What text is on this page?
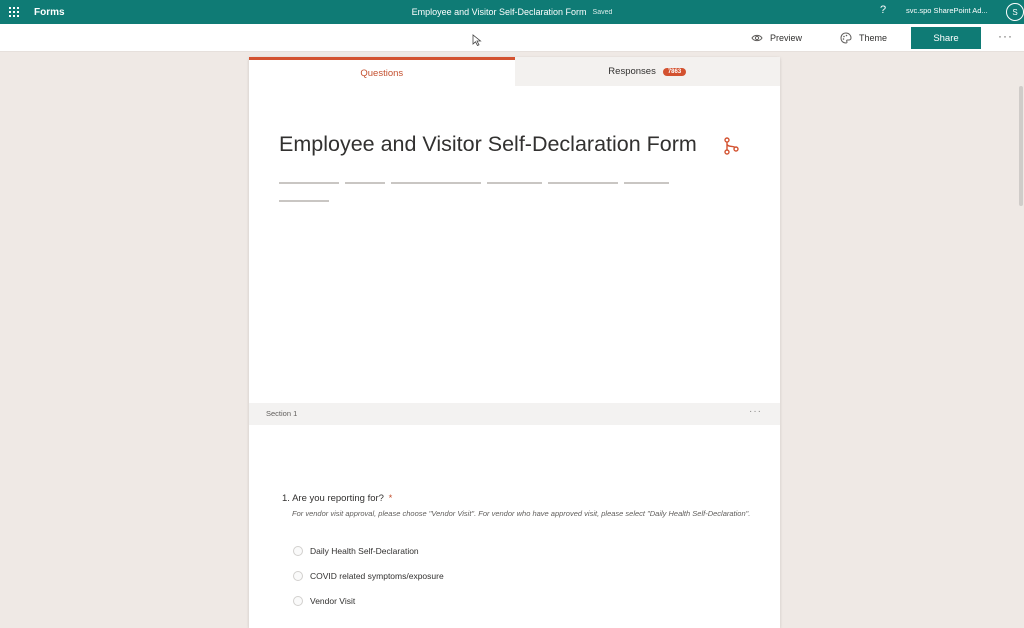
Forms	Employee and Visitor Self-Declaration Form Saved	?	svc.spo SharePoint Ad...	S
Preview	Theme	Share	···
Questions	Responses	7863
Employee and Visitor Self-Declaration Form
Section 1	···
1. Are you reporting for? *
For vendor visit approval, please choose "Vendor Visit". For vendor who have approved visit, please select "Daily Health Self-Declaration".
Daily Health Self-Declaration
COVID related symptoms/exposure
Vendor Visit
